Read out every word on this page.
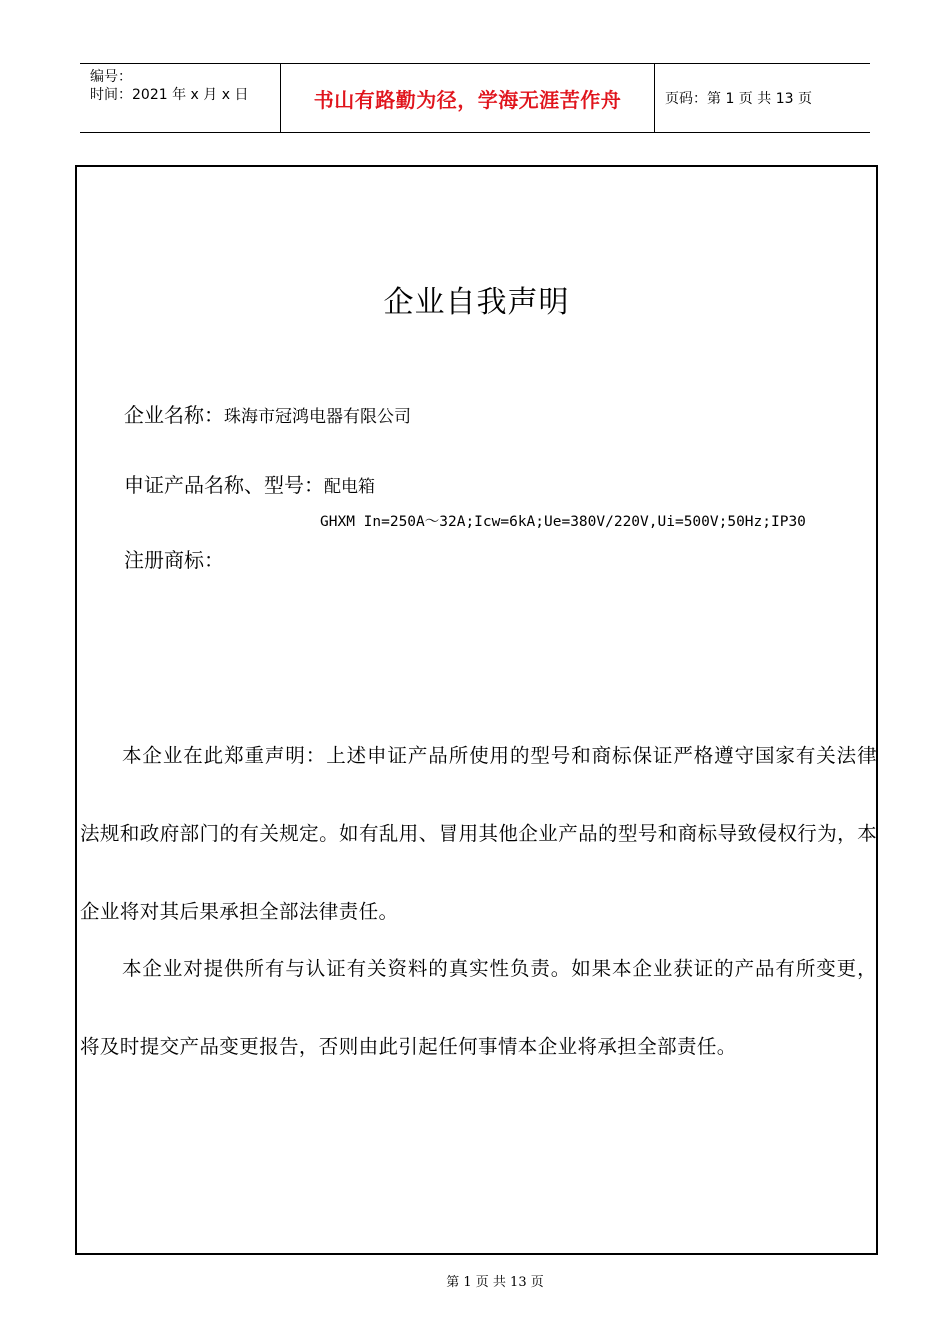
编号：
时间：2021 年 x 月 x 日	书山有路勤为径，学海无涯苦作舟	页码：第 1 页 共 13 页
企业自我声明
企业名称：珠海市冠鸿电器有限公司
申证产品名称、型号：配电箱
GHXM In=250A～32A;Icw=6kA;Ue=380V/220V,Ui=500V;50Hz;IP30
注册商标：
本企业在此郑重声明：上述申证产品所使用的型号和商标保证严格遵守国家有关法律法规和政府部门的有关规定。如有乱用、冒用其他企业产品的型号和商标导致侵权行为，本企业将对其后果承担全部法律责任。
本企业对提供所有与认证有关资料的真实性负责。如果本企业获证的产品有所变更，将及时提交产品变更报告，否则由此引起任何事情本企业将承担全部责任。
第 1 页 共 13 页
